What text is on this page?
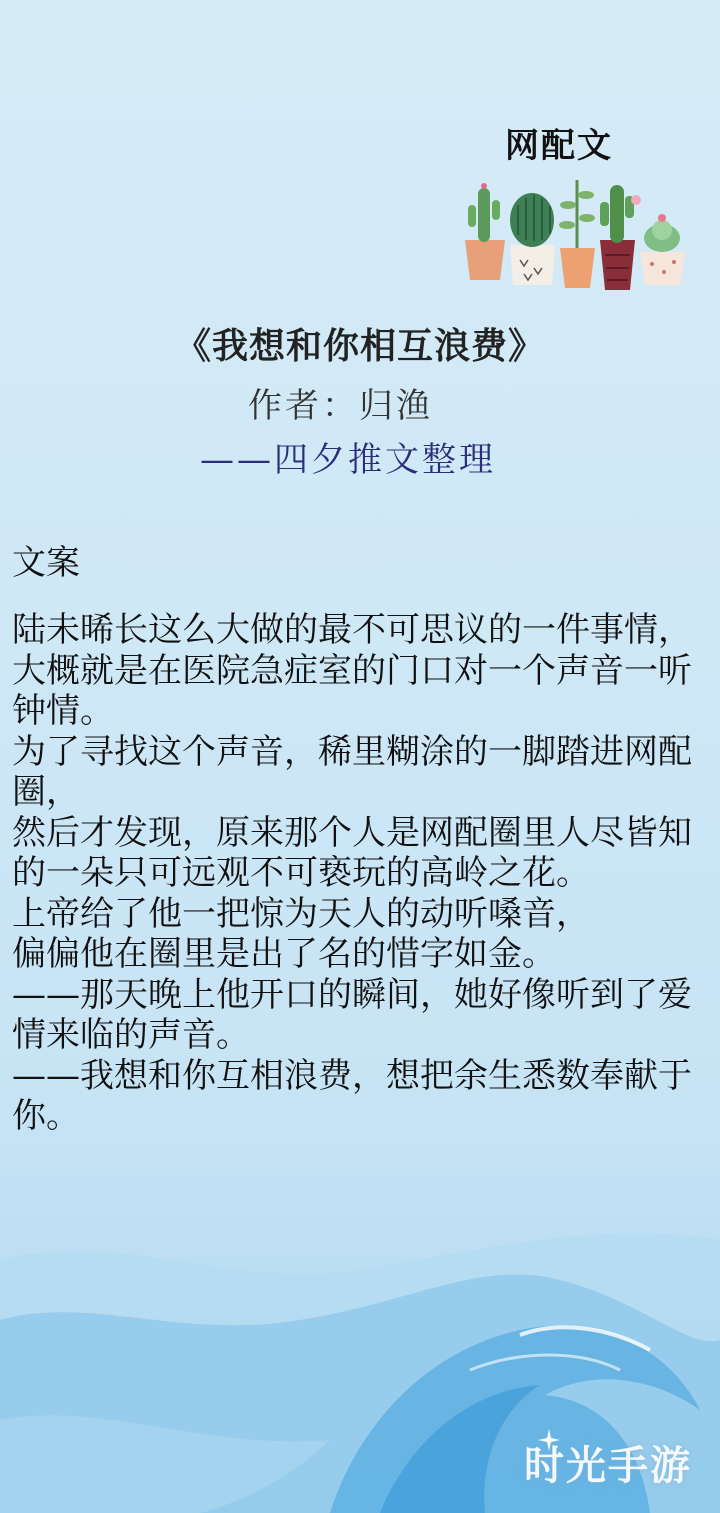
网配文
《我想和你相互浪费》
作者：归渔
——四夕推文整理
文案

陆未晞长这么大做的最不可思议的一件事情，

大概就是在医院急症室的门口对一个声音一听钟情。

为了寻找这个声音，稀里糊涂的一脚踏进网配圈，

然后才发现，原来那个人是网配圈里人尽皆知的一朵只可远观不可亵玩的高岭之花。

上帝给了他一把惊为天人的动听嗓音，

偏偏他在圈里是出了名的惜字如金。

——那天晚上他开口的瞬间，她好像听到了爱情来临的声音。

——我想和你互相浪费，想把余生悉数奉献于你。

时光手游
